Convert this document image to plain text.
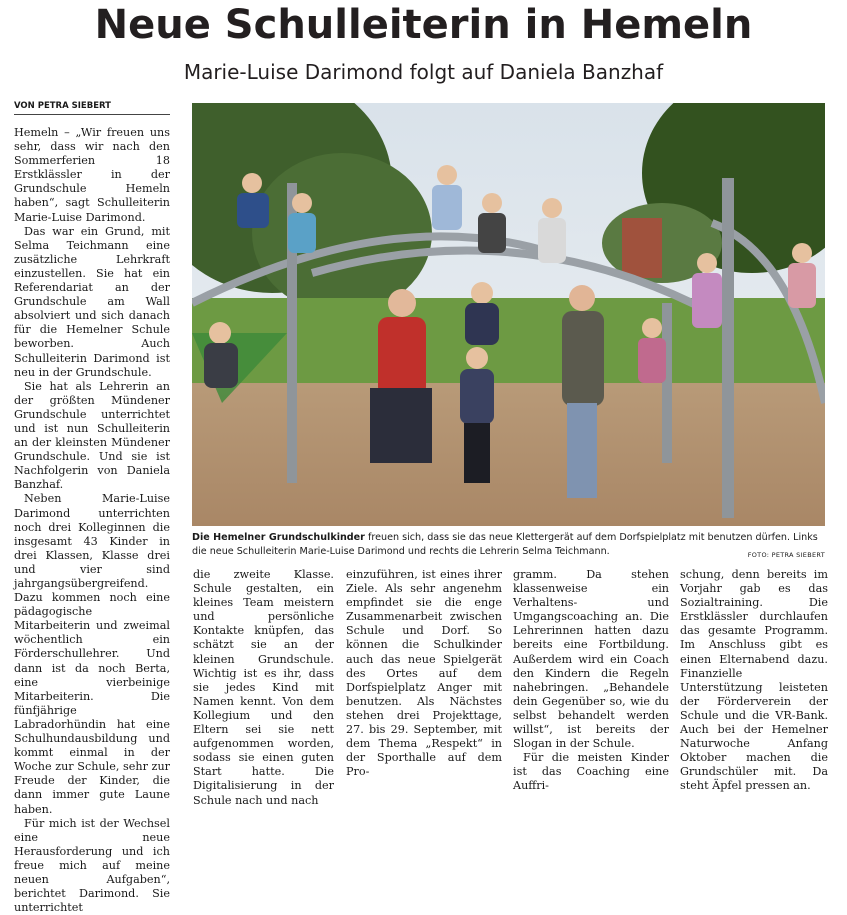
Neue Schulleiterin in Hemeln
Marie-Luise Darimond folgt auf Daniela Banzhaf
VON PETRA SIEBERT

Hemeln – „Wir freuen uns sehr, dass wir nach den Sommerferien 18 Erstklässler in der Grundschule Hemeln haben“, sagt Schulleiterin Marie-Luise Darimond.

Das war ein Grund, mit Selma Teichmann eine zusätzliche Lehrkraft einzustellen. Sie hat ein Referendariat an der Grundschule am Wall absolviert und sich danach für die Hemelner Schule beworben. Auch Schulleiterin Darimond ist neu in der Grundschule.

Sie hat als Lehrerin an der größten Mündener Grundschule unterrichtet und ist nun Schulleiterin an der kleinsten Mündener Grundschule. Und sie ist Nachfolgerin von Daniela Banzhaf.

Neben Marie-Luise Darimond unterrichten noch drei Kolleginnen die insgesamt 43 Kinder in drei Klassen, Klasse drei und vier sind jahrgangsübergreifend. Dazu kommen noch eine pädagogische Mitarbeiterin und zweimal wöchentlich ein Förderschullehrer. Und dann ist da noch Berta, eine vierbeinige Mitarbeiterin. Die fünfjährige Labradorhündin hat eine Schulhundausbildung und kommt einmal in der Woche zur Schule, sehr zur Freude der Kinder, die dann immer gute Laune haben.

Für mich ist der Wechsel eine neue Herausforderung und ich freue mich auf meine neuen Aufgaben“, berichtet Darimond. Sie unterrichtet

Die Hemelner Grundschulkinder freuen sich, dass sie das neue Klettergerät auf dem Dorfspielplatz mit benutzen dürfen. Links die neue Schulleiterin Marie-Luise Darimond und rechts die Lehrerin Selma Teichmann.	FOTO: PETRA SIEBERT

die zweite Klasse. Schule gestalten, ein kleines Team meistern und persönliche Kontakte knüpfen, das schätzt sie an der kleinen Grundschule. Wichtig ist es ihr, dass sie jedes Kind mit Namen kennt. Von dem Kollegium und den Eltern sei sie nett aufgenommen worden, sodass sie einen guten Start hatte. Die Digitalisierung in der Schule nach und nach

einzuführen, ist eines ihrer Ziele. Als sehr angenehm empfindet sie die enge Zusammenarbeit zwischen Schule und Dorf. So können die Schulkinder auch das neue Spielgerät des Ortes auf dem Dorfspielplatz Anger mit benutzen. Als Nächstes stehen drei Projekttage, 27. bis 29. September, mit dem Thema „Respekt“ in der Sporthalle auf dem Pro-

gramm. Da stehen klassenweise ein Verhaltens- und Umgangscoaching an. Die Lehrerinnen hatten dazu bereits eine Fortbildung. Außerdem wird ein Coach den Kindern die Regeln nahebringen. „Behandele dein Gegenüber so, wie du selbst behandelt werden willst“, ist bereits der Slogan in der Schule.

Für die meisten Kinder ist das Coaching eine Auffri-

schung, denn bereits im Vorjahr gab es das Sozialtraining. Die Erstklässler durchlaufen das gesamte Programm. Im Anschluss gibt es einen Elternabend dazu. Finanzielle Unterstützung leisteten der Förderverein der Schule und die VR-Bank. Auch bei der Hemelner Naturwoche Anfang Oktober machen die Grundschüler mit. Da steht Äpfel pressen an.
